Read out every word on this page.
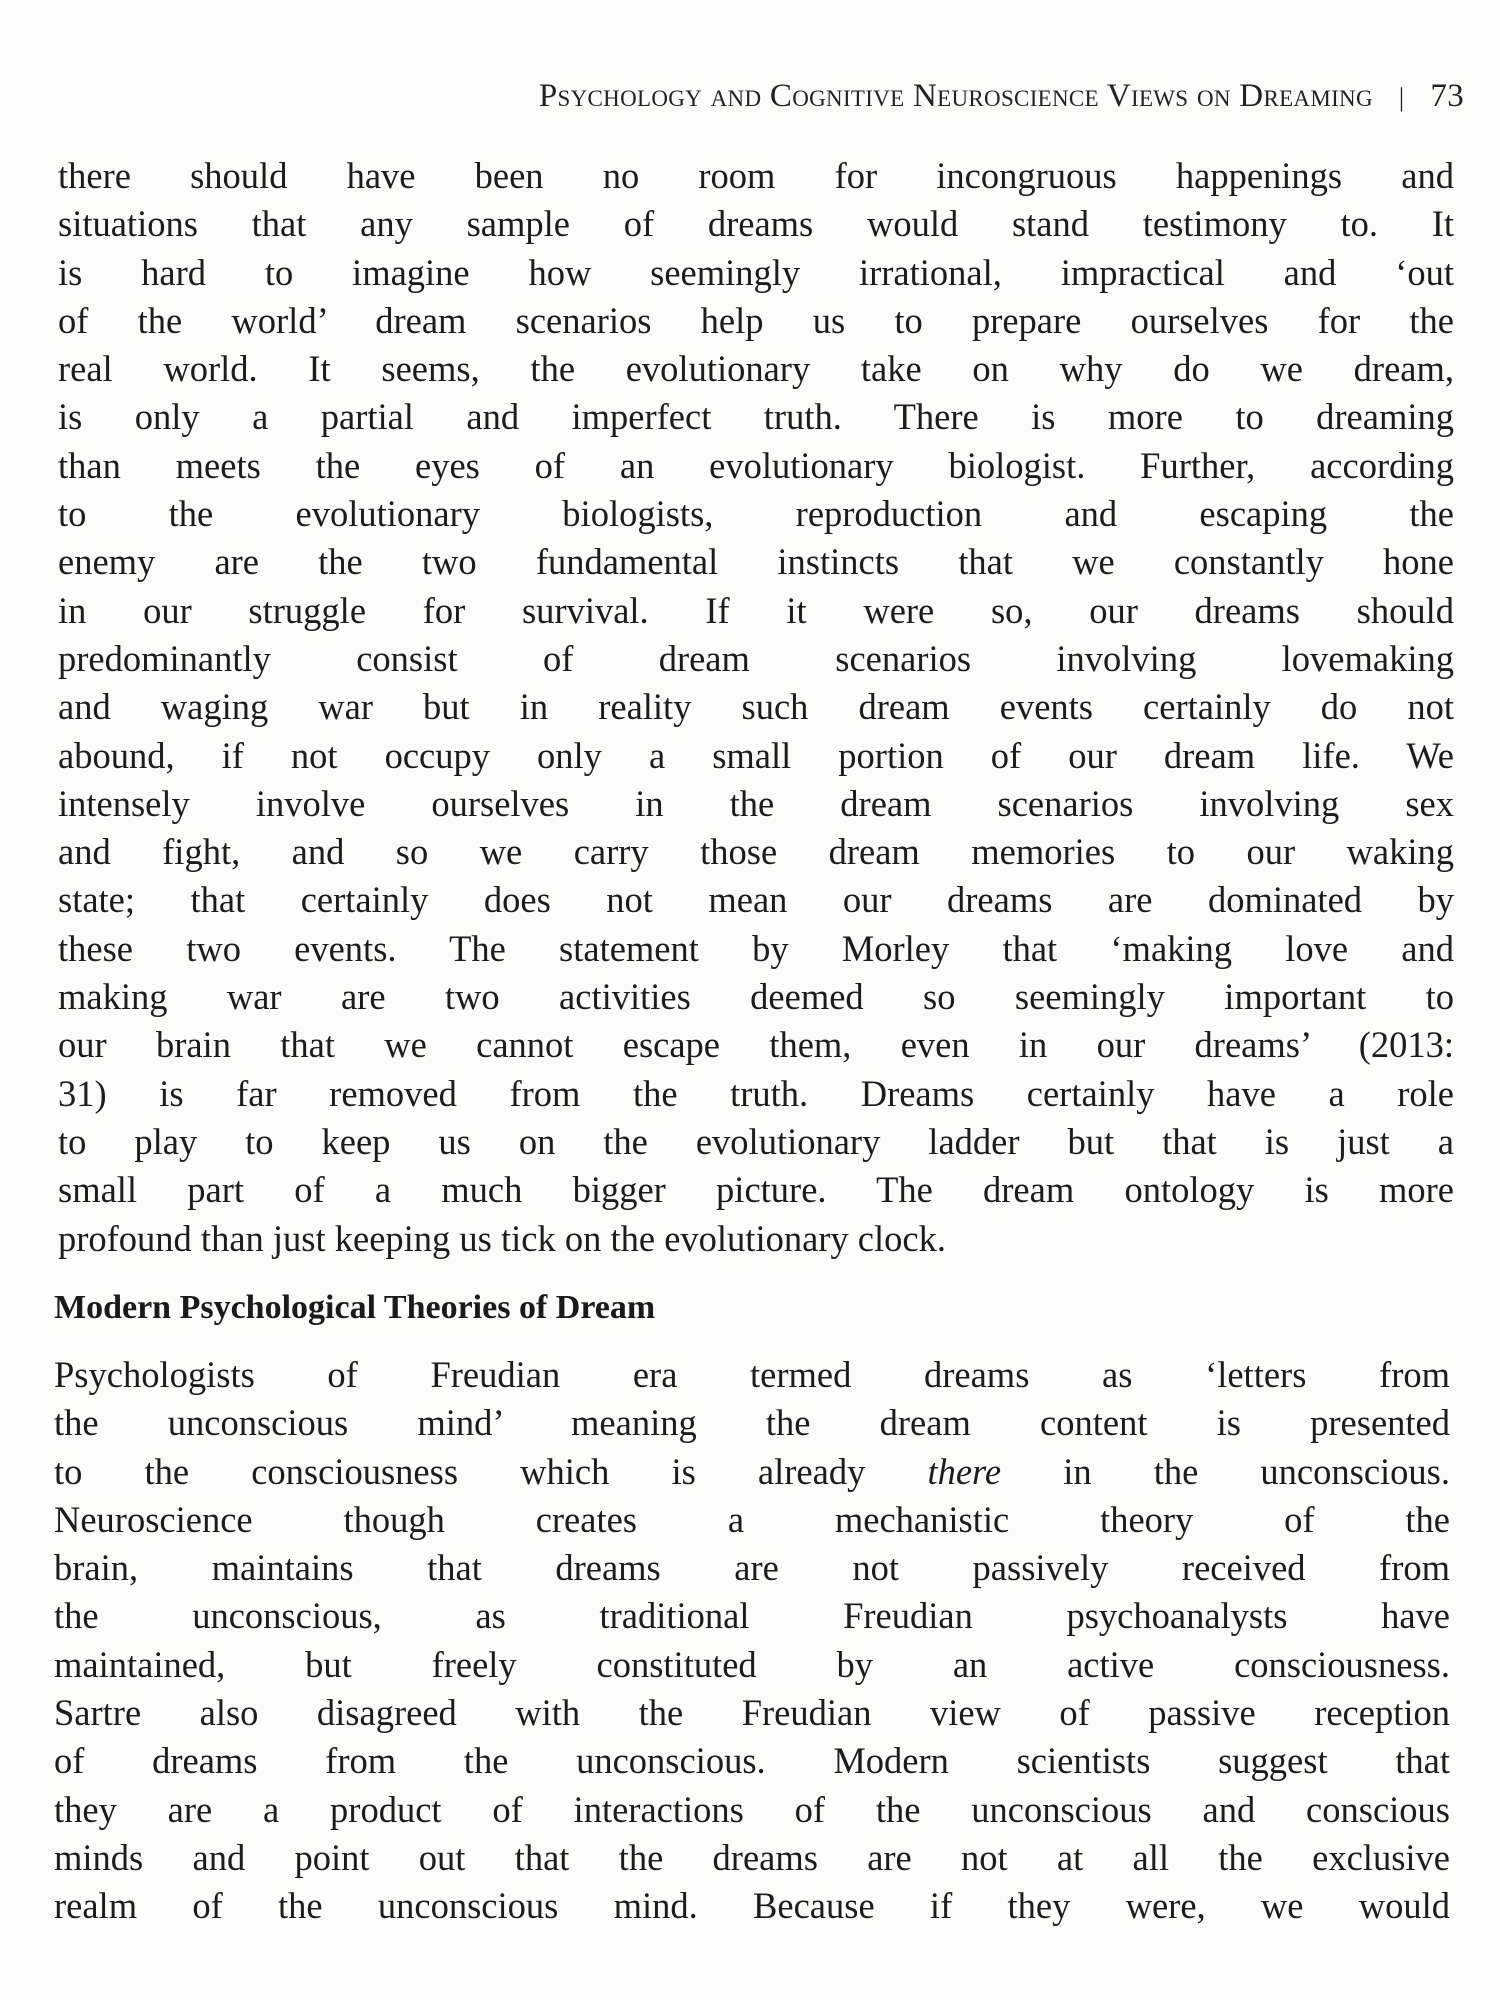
Psychology and Cognitive Neuroscience Views on Dreaming | 73
there should have been no room for incongruous happenings and
situations that any sample of dreams would stand testimony to. It
is hard to imagine how seemingly irrational, impractical and ‘out
of the world’ dream scenarios help us to prepare ourselves for the
real world. It seems, the evolutionary take on why do we dream,
is only a partial and imperfect truth. There is more to dreaming
than meets the eyes of an evolutionary biologist. Further, according
to the evolutionary biologists, reproduction and escaping the
enemy are the two fundamental instincts that we constantly hone
in our struggle for survival. If it were so, our dreams should
predominantly consist of dream scenarios involving lovemaking
and waging war but in reality such dream events certainly do not
abound, if not occupy only a small portion of our dream life. We
intensely involve ourselves in the dream scenarios involving sex
and fight, and so we carry those dream memories to our waking
state; that certainly does not mean our dreams are dominated by
these two events. The statement by Morley that ‘making love and
making war are two activities deemed so seemingly important to
our brain that we cannot escape them, even in our dreams’ (2013:
31) is far removed from the truth. Dreams certainly have a role
to play to keep us on the evolutionary ladder but that is just a
small part of a much bigger picture. The dream ontology is more
profound than just keeping us tick on the evolutionary clock.
Modern Psychological Theories of Dream
Psychologists of Freudian era termed dreams as ‘letters from
the unconscious mind’ meaning the dream content is presented
to the consciousness which is already there in the unconscious.
Neuroscience though creates a mechanistic theory of the
brain, maintains that dreams are not passively received from
the unconscious, as traditional Freudian psychoanalysts have
maintained, but freely constituted by an active consciousness.
Sartre also disagreed with the Freudian view of passive reception
of dreams from the unconscious. Modern scientists suggest that
they are a product of interactions of the unconscious and conscious
minds and point out that the dreams are not at all the exclusive
realm of the unconscious mind. Because if they were, we would
